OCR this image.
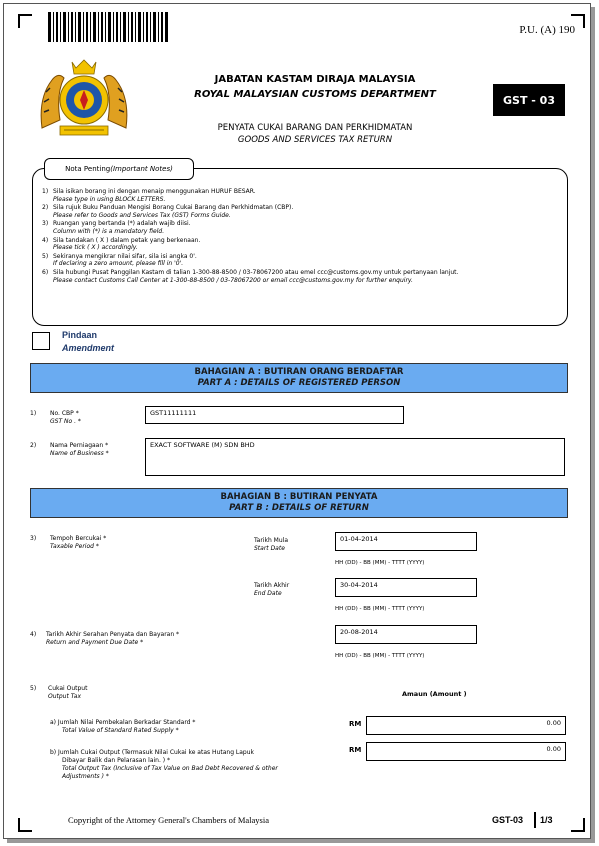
P.U. (A) 190
JABATAN KASTAM DIRAJA MALAYSIA
ROYAL MALAYSIAN CUSTOMS DEPARTMENT
PENYATA CUKAI BARANG DAN PERKHIDMATAN
GOODS AND SERVICES TAX RETURN
GST - 03
Nota Penting (Important Notes)
1) Sila isikan borang ini dengan menaip menggunakan HURUF BESAR.
Please type in using BLOCK LETTERS.
2) Sila rujuk Buku Panduan Mengisi Borang Cukai Barang dan Perkhidmatan (CBP).
Please refer to Goods and Services Tax (GST) Forms Guide.
3) Ruangan yang bertanda (*) adalah wajib diisi.
Column with (*) is a mandatory field.
4) Sila tandakan ( X ) dalam petak yang berkenaan.
Please tick ( X ) accordingly.
5) Sekiranya mengikrar nilai sifar, sila isi angka 0'.
If declaring a zero amount, please fill in '0'.
6) Sila hubungi Pusat Panggilan Kastam di talian 1-300-88-8500 / 03-78067200 atau emel ccc@customs.gov.my untuk pertanyaan lanjut.
Please contact Customs Call Center at 1-300-88-8500 / 03-78067200 or email ccc@customs.gov.my for further enquiry.
Pindaan
Amendment
BAHAGIAN A : BUTIRAN ORANG BERDAFTAR
PART A : DETAILS OF REGISTERED PERSON
1) No. CBP *
GST No . *
GST11111111
2) Nama Perniagaan *
Name of Business *
EXACT SOFTWARE (M) SDN BHD
BAHAGIAN B : BUTIRAN PENYATA
PART B : DETAILS OF RETURN
3) Tempoh Bercukai *
Taxable Period *
Tarikh Mula
Start Date
01-04-2014
HH (DD) - BB (MM) - TTTT (YYYY)
Tarikh Akhir
End Date
30-04-2014
HH (DD) - BB (MM) - TTTT (YYYY)
4) Tarikh Akhir Serahan Penyata dan Bayaran *
Return and Payment Due Date *
20-08-2014
HH (DD) - BB (MM) - TTTT (YYYY)
5) Cukai Output
Output Tax	Amaun (Amount )
a) Jumlah Nilai Pembekalan Berkadar Standard *
Total Value of Standard Rated Supply *
RM	0.00
b) Jumlah Cukai Output (Termasuk Nilai Cukai ke atas Hutang Lapuk
Dibayar Balik dan Pelarasan lain. ) *
Total Output Tax (Inclusive of Tax Value on Bad Debt Recovered & other
Adjustments ) *
RM	0.00
Copyright of the Attorney General's Chambers of Malaysia	GST-03 1/3
